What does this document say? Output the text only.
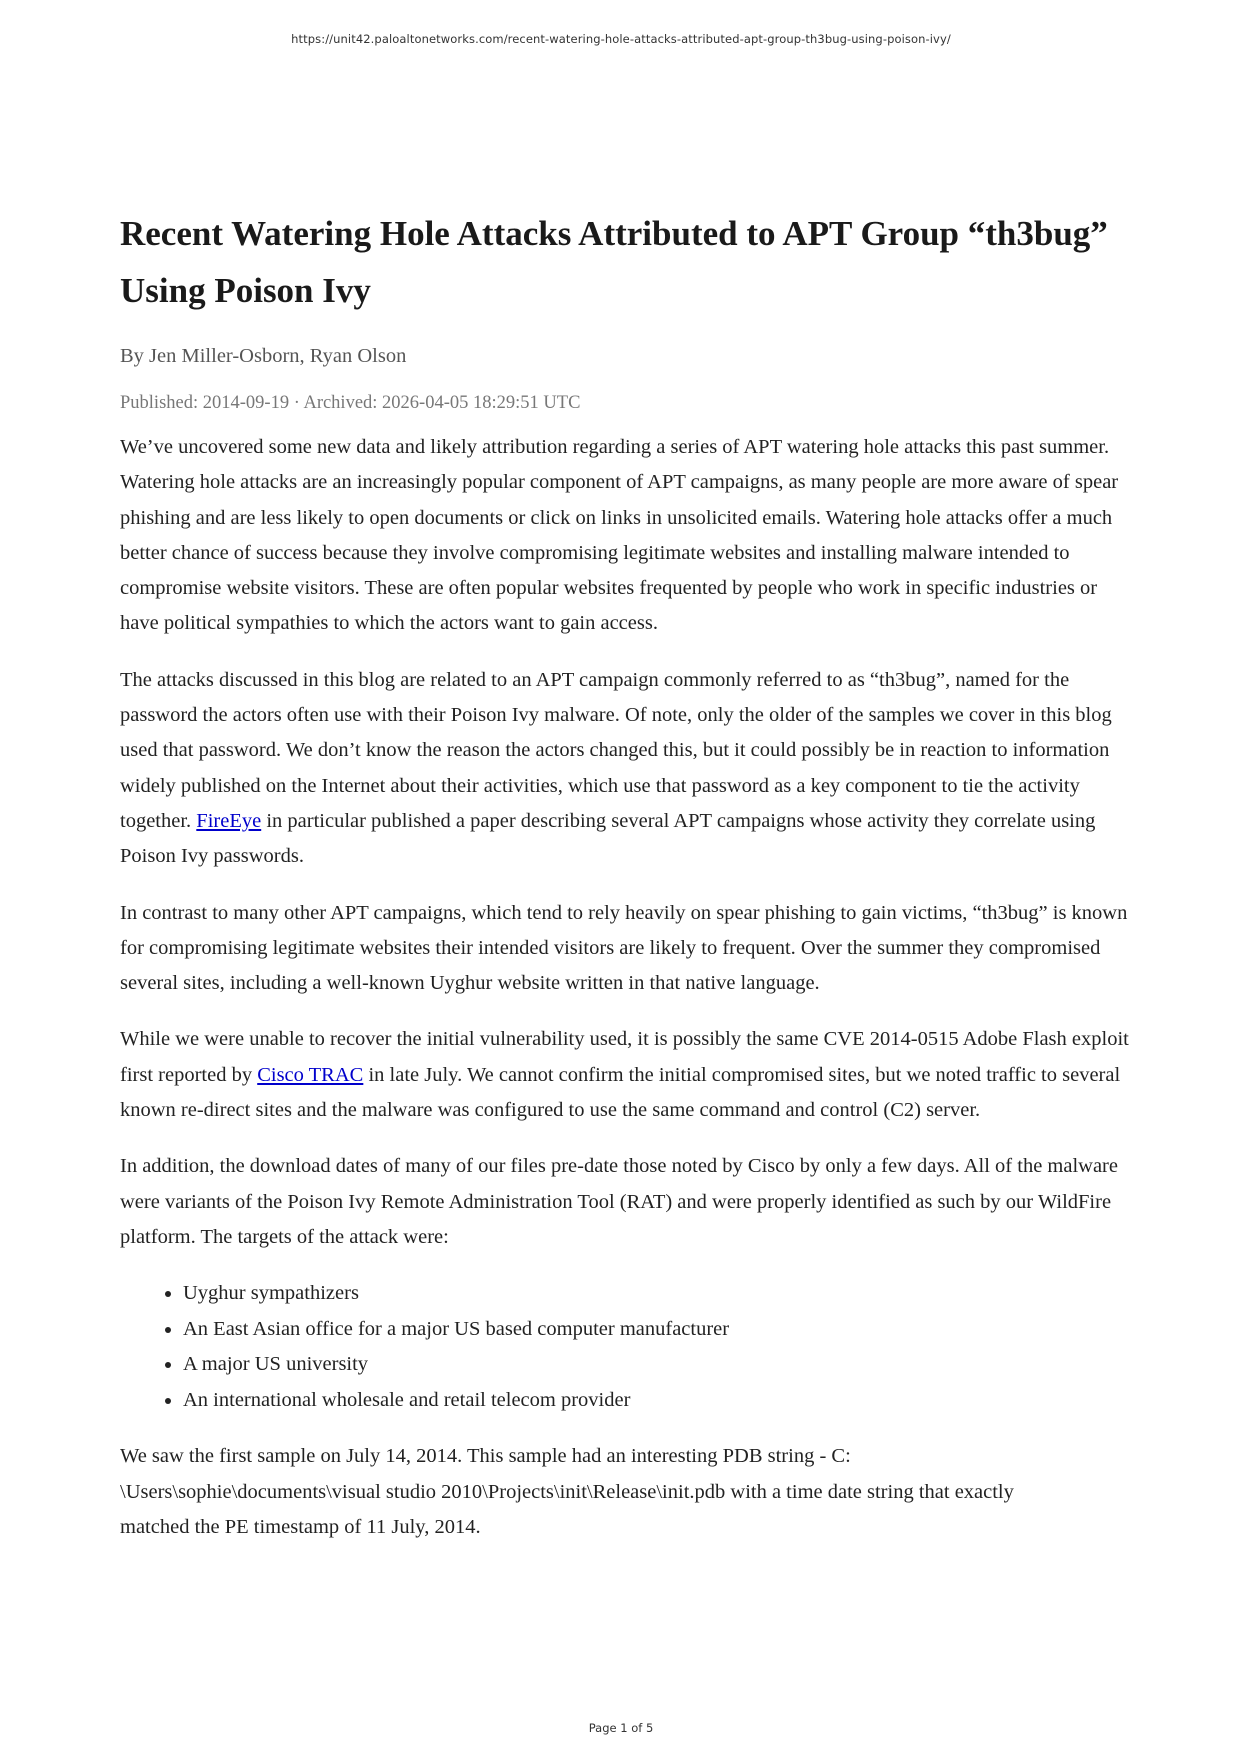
https://unit42.paloaltonetworks.com/recent-watering-hole-attacks-attributed-apt-group-th3bug-using-poison-ivy/
Recent Watering Hole Attacks Attributed to APT Group “th3bug”
Using Poison Ivy
By Jen Miller-Osborn, Ryan Olson
Published: 2014-09-19 · Archived: 2026-04-05 18:29:51 UTC

We’ve uncovered some new data and likely attribution regarding a series of APT watering hole attacks this past summer. Watering hole attacks are an increasingly popular component of APT campaigns, as many people are more aware of spear phishing and are less likely to open documents or click on links in unsolicited emails. Watering hole attacks offer a much better chance of success because they involve compromising legitimate websites and installing malware intended to compromise website visitors. These are often popular websites frequented by people who work in specific industries or have political sympathies to which the actors want to gain access.

The attacks discussed in this blog are related to an APT campaign commonly referred to as “th3bug”, named for the password the actors often use with their Poison Ivy malware. Of note, only the older of the samples we cover in this blog used that password. We don’t know the reason the actors changed this, but it could possibly be in reaction to information widely published on the Internet about their activities, which use that password as a key component to tie the activity together. FireEye in particular published a paper describing several APT campaigns whose activity they correlate using Poison Ivy passwords.

In contrast to many other APT campaigns, which tend to rely heavily on spear phishing to gain victims, “th3bug” is known for compromising legitimate websites their intended visitors are likely to frequent. Over the summer they compromised several sites, including a well-known Uyghur website written in that native language.

While we were unable to recover the initial vulnerability used, it is possibly the same CVE 2014-0515 Adobe Flash exploit first reported by Cisco TRAC in late July. We cannot confirm the initial compromised sites, but we noted traffic to several known re-direct sites and the malware was configured to use the same command and control (C2) server.

In addition, the download dates of many of our files pre-date those noted by Cisco by only a few days. All of the malware were variants of the Poison Ivy Remote Administration Tool (RAT) and were properly identified as such by our WildFire platform. The targets of the attack were:

• Uyghur sympathizers
• An East Asian office for a major US based computer manufacturer
• A major US university
• An international wholesale and retail telecom provider

We saw the first sample on July 14, 2014. This sample had an interesting PDB string - C:
\Users\sophie\documents\visual studio 2010\Projects\init\Release\init.pdb with a time date string that exactly
matched the PE timestamp of 11 July, 2014.

Page 1 of 5
